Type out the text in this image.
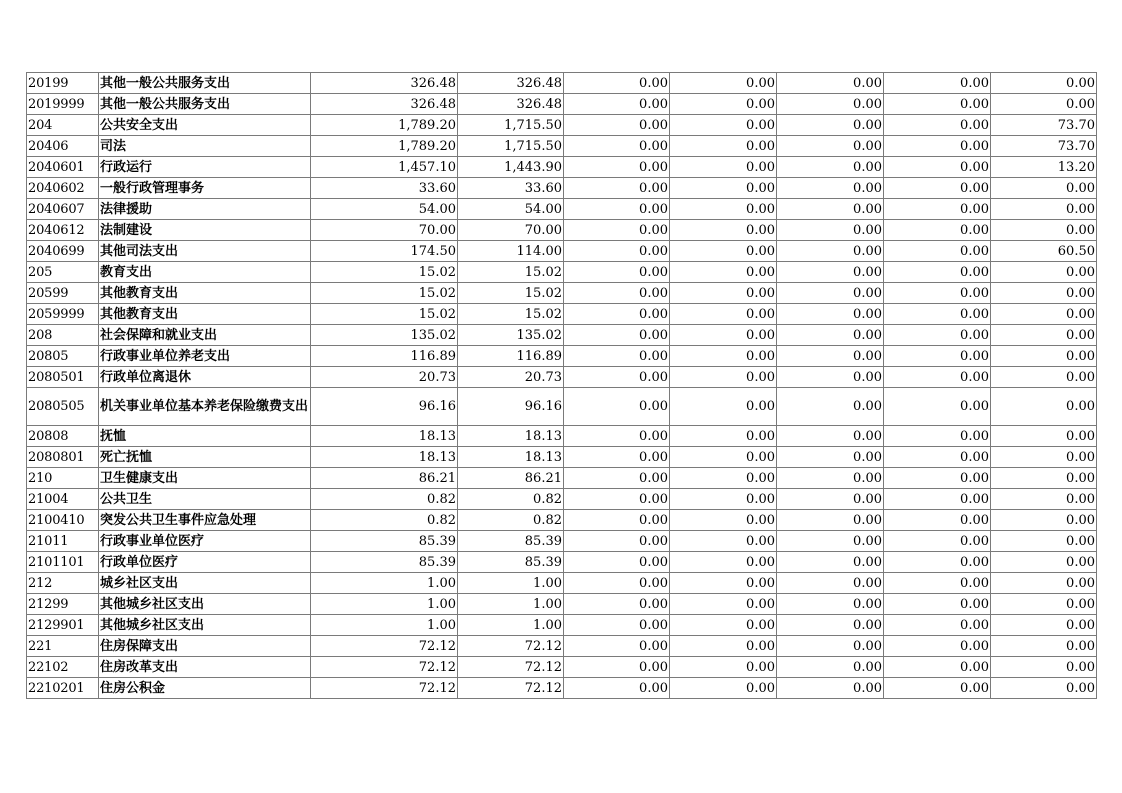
20199	其他一般公共服务支出	326.48	326.48	0.00	0.00	0.00	0.00	0.00
2019999	其他一般公共服务支出	326.48	326.48	0.00	0.00	0.00	0.00	0.00
204	公共安全支出	1,789.20	1,715.50	0.00	0.00	0.00	0.00	73.70
20406	司法	1,789.20	1,715.50	0.00	0.00	0.00	0.00	73.70
2040601	行政运行	1,457.10	1,443.90	0.00	0.00	0.00	0.00	13.20
2040602	一般行政管理事务	33.60	33.60	0.00	0.00	0.00	0.00	0.00
2040607	法律援助	54.00	54.00	0.00	0.00	0.00	0.00	0.00
2040612	法制建设	70.00	70.00	0.00	0.00	0.00	0.00	0.00
2040699	其他司法支出	174.50	114.00	0.00	0.00	0.00	0.00	60.50
205	教育支出	15.02	15.02	0.00	0.00	0.00	0.00	0.00
20599	其他教育支出	15.02	15.02	0.00	0.00	0.00	0.00	0.00
2059999	其他教育支出	15.02	15.02	0.00	0.00	0.00	0.00	0.00
208	社会保障和就业支出	135.02	135.02	0.00	0.00	0.00	0.00	0.00
20805	行政事业单位养老支出	116.89	116.89	0.00	0.00	0.00	0.00	0.00
2080501	行政单位离退休	20.73	20.73	0.00	0.00	0.00	0.00	0.00
2080505	机关事业单位基本养老保险缴费支出	96.16	96.16	0.00	0.00	0.00	0.00	0.00
20808	抚恤	18.13	18.13	0.00	0.00	0.00	0.00	0.00
2080801	死亡抚恤	18.13	18.13	0.00	0.00	0.00	0.00	0.00
210	卫生健康支出	86.21	86.21	0.00	0.00	0.00	0.00	0.00
21004	公共卫生	0.82	0.82	0.00	0.00	0.00	0.00	0.00
2100410	突发公共卫生事件应急处理	0.82	0.82	0.00	0.00	0.00	0.00	0.00
21011	行政事业单位医疗	85.39	85.39	0.00	0.00	0.00	0.00	0.00
2101101	行政单位医疗	85.39	85.39	0.00	0.00	0.00	0.00	0.00
212	城乡社区支出	1.00	1.00	0.00	0.00	0.00	0.00	0.00
21299	其他城乡社区支出	1.00	1.00	0.00	0.00	0.00	0.00	0.00
2129901	其他城乡社区支出	1.00	1.00	0.00	0.00	0.00	0.00	0.00
221	住房保障支出	72.12	72.12	0.00	0.00	0.00	0.00	0.00
22102	住房改革支出	72.12	72.12	0.00	0.00	0.00	0.00	0.00
2210201	住房公积金	72.12	72.12	0.00	0.00	0.00	0.00	0.00
